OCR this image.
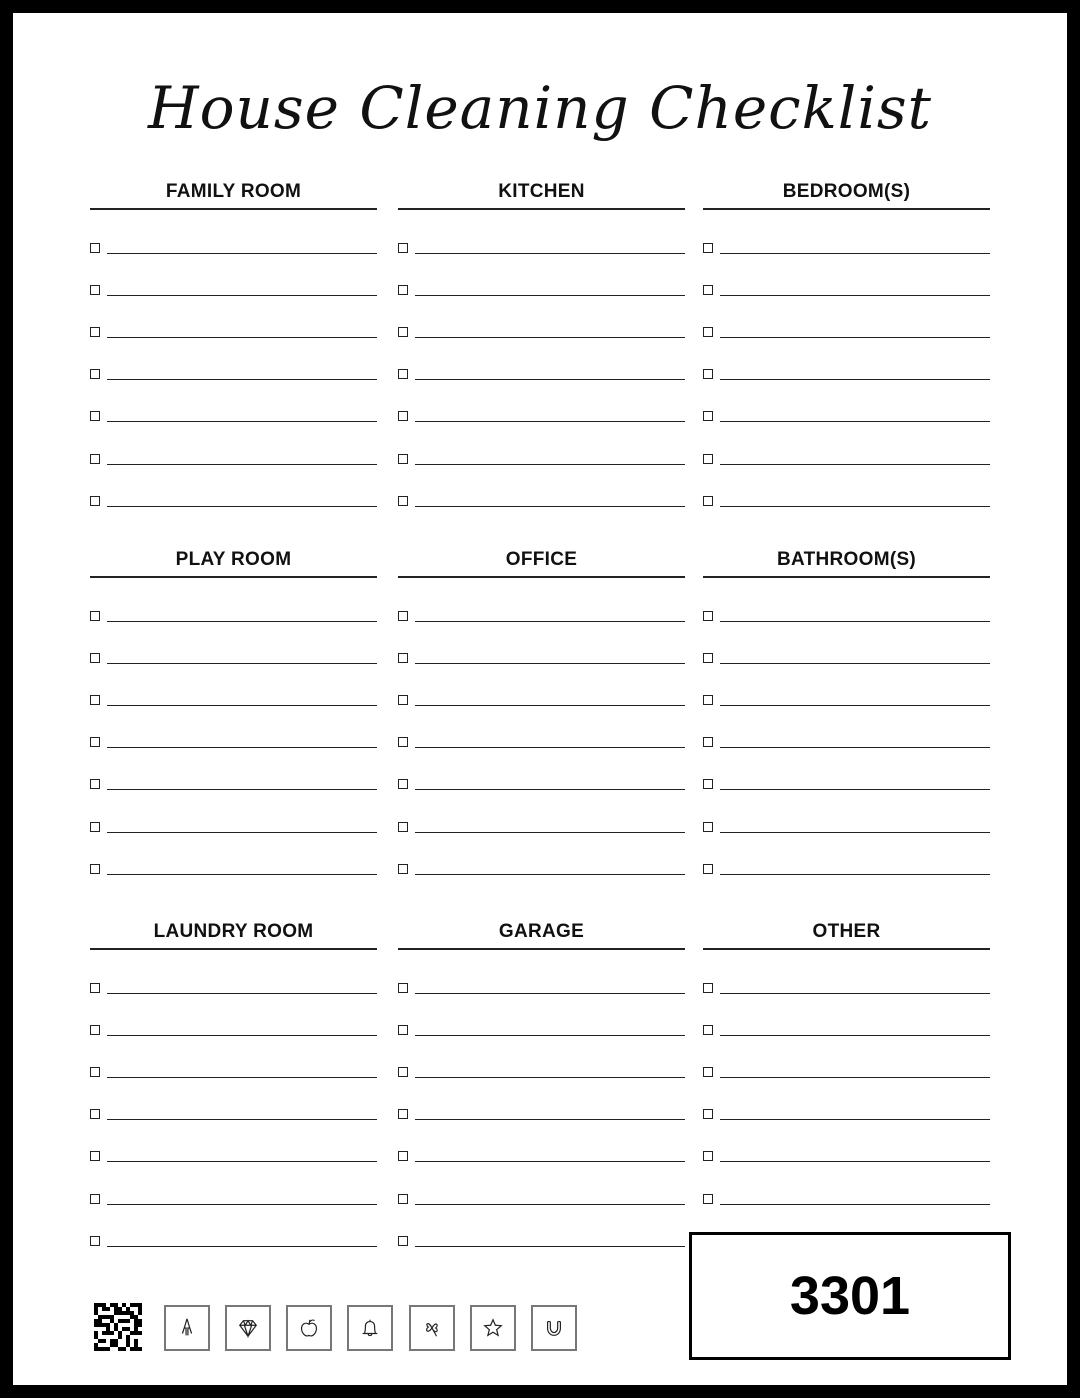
House Cleaning Checklist
FAMILY ROOM	KITCHEN	BEDROOM(S)
PLAY ROOM	OFFICE	BATHROOM(S)
LAUNDRY ROOM	GARAGE	OTHER
3301
